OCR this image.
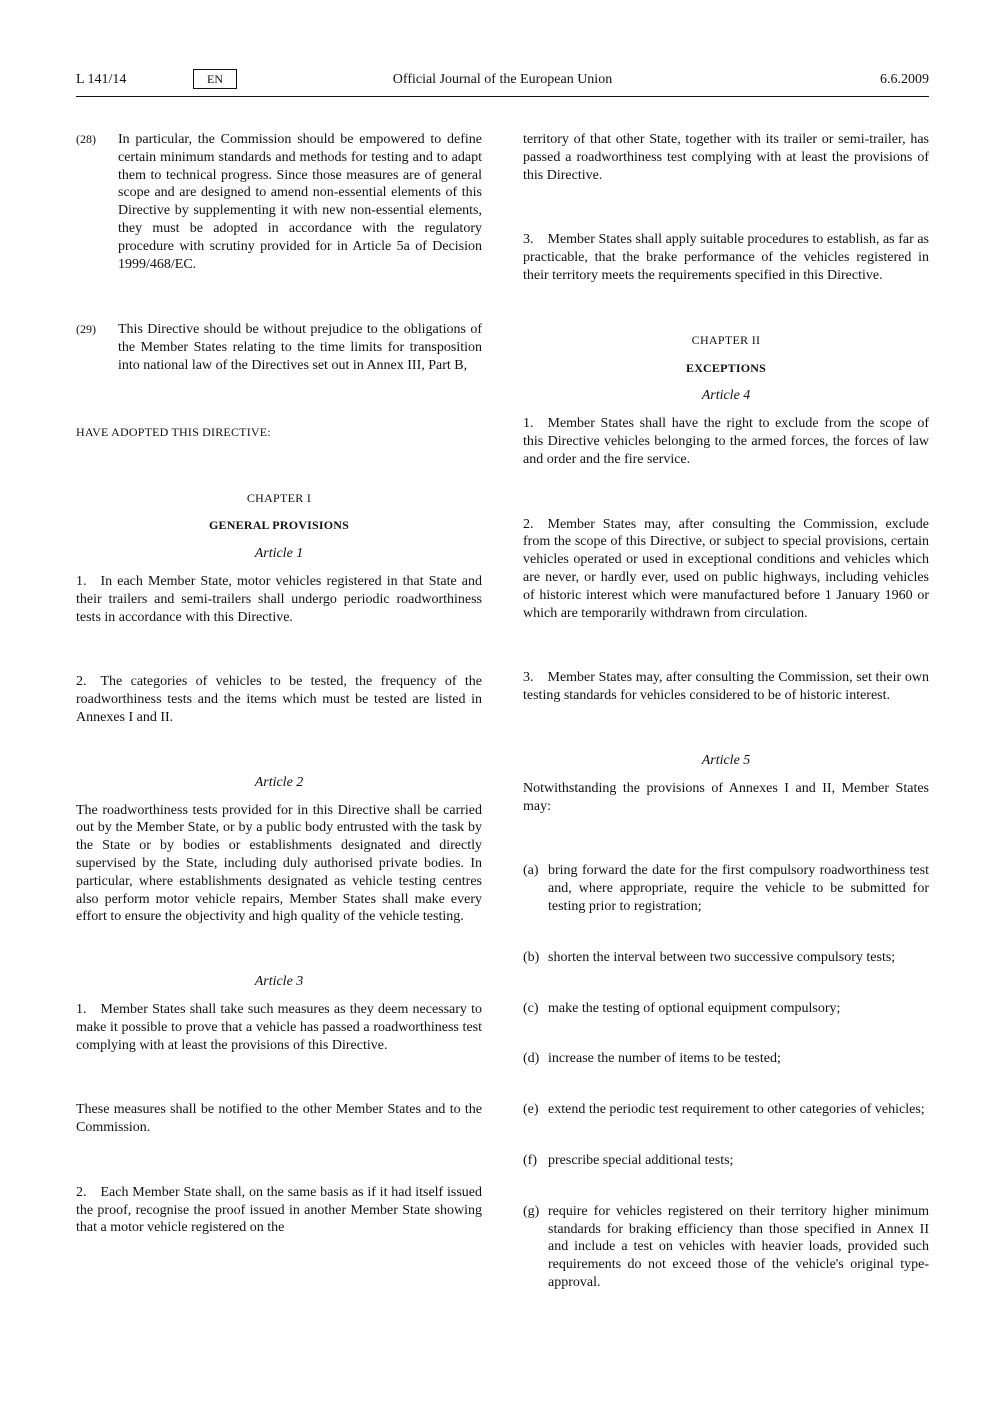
L 141/14	EN	Official Journal of the European Union	6.6.2009
(28) In particular, the Commission should be empowered to define certain minimum standards and methods for testing and to adapt them to technical progress. Since those measures are of general scope and are designed to amend non-essential elements of this Directive by supplementing it with new non-essential elements, they must be adopted in accordance with the regulatory procedure with scrutiny provided for in Article 5a of Decision 1999/468/EC.
(29) This Directive should be without prejudice to the obligations of the Member States relating to the time limits for transposition into national law of the Directives set out in Annex III, Part B,

HAVE ADOPTED THIS DIRECTIVE:

CHAPTER I

GENERAL PROVISIONS

Article 1

1. In each Member State, motor vehicles registered in that State and their trailers and semi-trailers shall undergo periodic roadworthiness tests in accordance with this Directive.

2. The categories of vehicles to be tested, the frequency of the roadworthiness tests and the items which must be tested are listed in Annexes I and II.

Article 2

The roadworthiness tests provided for in this Directive shall be carried out by the Member State, or by a public body entrusted with the task by the State or by bodies or establishments designated and directly supervised by the State, including duly authorised private bodies. In particular, where establishments designated as vehicle testing centres also perform motor vehicle repairs, Member States shall make every effort to ensure the objectivity and high quality of the vehicle testing.

Article 3

1. Member States shall take such measures as they deem necessary to make it possible to prove that a vehicle has passed a roadworthiness test complying with at least the provisions of this Directive.

These measures shall be notified to the other Member States and to the Commission.

2. Each Member State shall, on the same basis as if it had itself issued the proof, recognise the proof issued in another Member State showing that a motor vehicle registered on the

territory of that other State, together with its trailer or semi-trailer, has passed a roadworthiness test complying with at least the provisions of this Directive.

3. Member States shall apply suitable procedures to establish, as far as practicable, that the brake performance of the vehicles registered in their territory meets the requirements specified in this Directive.

CHAPTER II

EXCEPTIONS

Article 4

1. Member States shall have the right to exclude from the scope of this Directive vehicles belonging to the armed forces, the forces of law and order and the fire service.

2. Member States may, after consulting the Commission, exclude from the scope of this Directive, or subject to special provisions, certain vehicles operated or used in exceptional conditions and vehicles which are never, or hardly ever, used on public highways, including vehicles of historic interest which were manufactured before 1 January 1960 or which are temporarily withdrawn from circulation.

3. Member States may, after consulting the Commission, set their own testing standards for vehicles considered to be of historic interest.

Article 5

Notwithstanding the provisions of Annexes I and II, Member States may:

(a) bring forward the date for the first compulsory roadworthiness test and, where appropriate, require the vehicle to be submitted for testing prior to registration;
(b) shorten the interval between two successive compulsory tests;
(c) make the testing of optional equipment compulsory;
(d) increase the number of items to be tested;
(e) extend the periodic test requirement to other categories of vehicles;
(f) prescribe special additional tests;
(g) require for vehicles registered on their territory higher minimum standards for braking efficiency than those specified in Annex II and include a test on vehicles with heavier loads, provided such requirements do not exceed those of the vehicle's original type-approval.
